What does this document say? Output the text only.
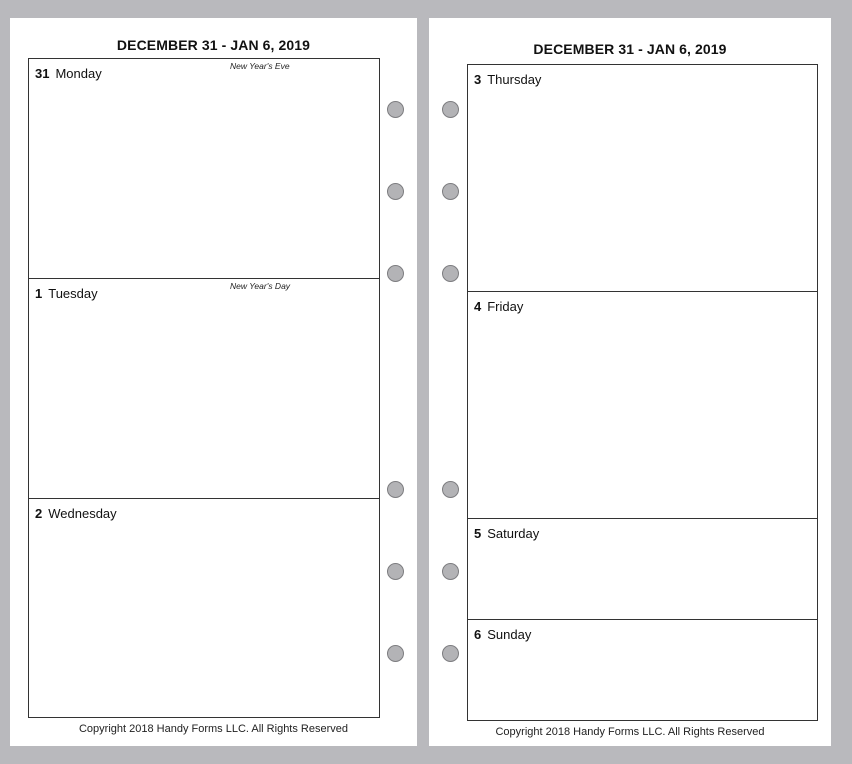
DECEMBER 31 - JAN 6, 2019
31 Monday	New Year's Eve
1 Tuesday	New Year's Day
2 Wednesday
Copyright 2018 Handy Forms LLC. All Rights Reserved
DECEMBER 31 - JAN 6, 2019
3 Thursday
4 Friday
5 Saturday
6 Sunday
Copyright 2018 Handy Forms LLC. All Rights Reserved
